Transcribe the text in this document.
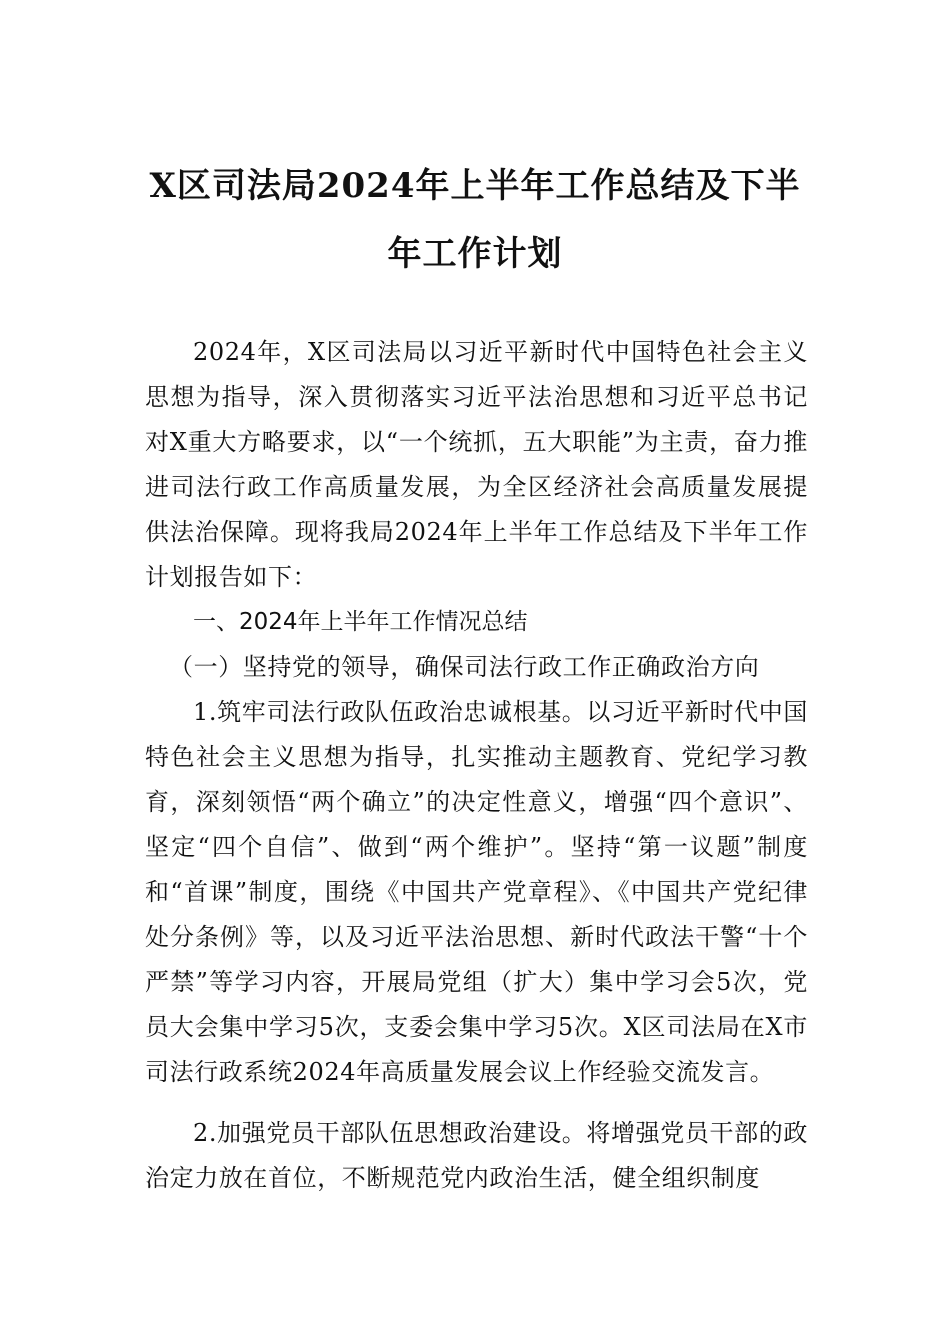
X区司法局2024年上半年工作总结及下半
年工作计划

2024年，X区司法局以习近平新时代中国特色社会主义思想为指导，深入贯彻落实习近平法治思想和习近平总书记对X重大方略要求，以“一个统抓，五大职能”为主责，奋力推进司法行政工作高质量发展，为全区经济社会高质量发展提供法治保障。现将我局2024年上半年工作总结及下半年工作计划报告如下：

一、2024年上半年工作情况总结

（一）坚持党的领导，确保司法行政工作正确政治方向

1.筑牢司法行政队伍政治忠诚根基。以习近平新时代中国特色社会主义思想为指导，扎实推动主题教育、党纪学习教育，深刻领悟“两个确立”的决定性意义，增强“四个意识”、坚定“四个自信”、做到“两个维护”。坚持“第一议题”制度和“首课”制度，围绕《中国共产党章程》、《中国共产党纪律处分条例》等，以及习近平法治思想、新时代政法干警“十个严禁”等学习内容，开展局党组（扩大）集中学习会5次，党员大会集中学习5次，支委会集中学习5次。X区司法局在X市司法行政系统2024年高质量发展会议上作经验交流发言。

2.加强党员干部队伍思想政治建设。将增强党员干部的政治定力放在首位，不断规范党内政治生活，健全组织制度
